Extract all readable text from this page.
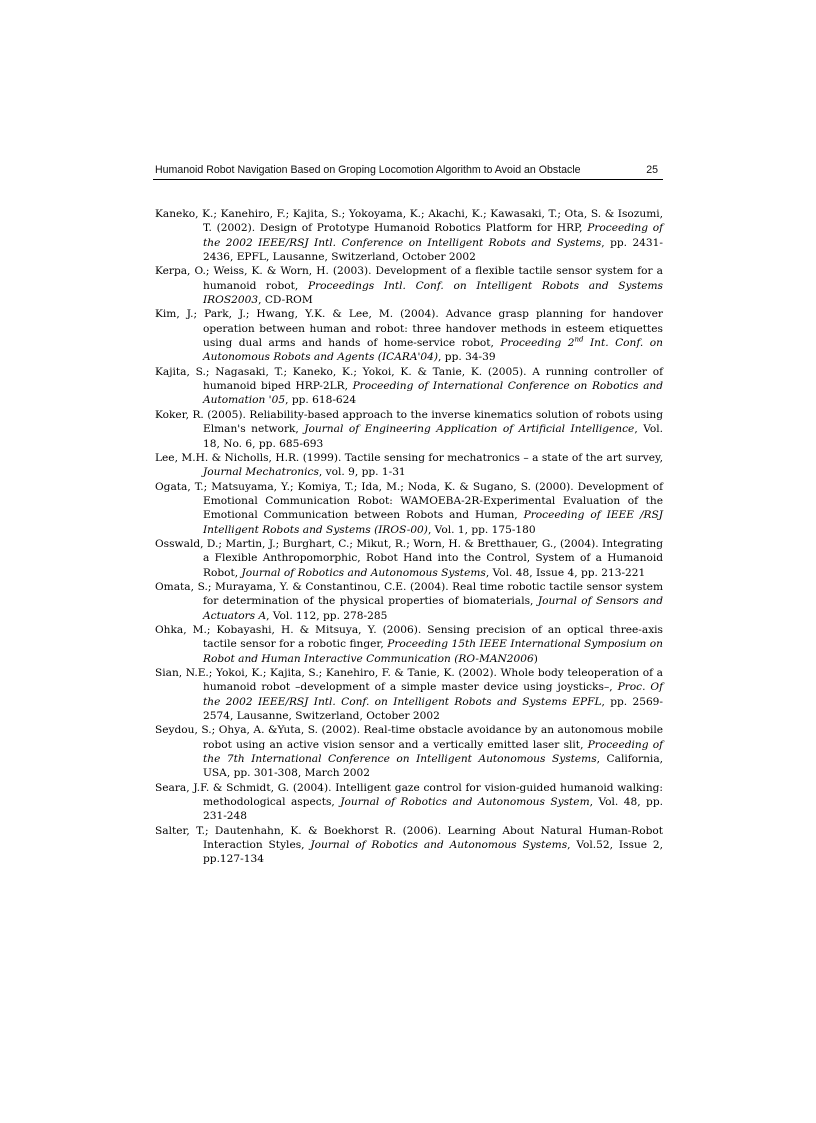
Humanoid Robot Navigation Based on Groping Locomotion Algorithm to Avoid an Obstacle	25
Kaneko, K.; Kanehiro, F.; Kajita, S.; Yokoyama, K.; Akachi, K.; Kawasaki, T.; Ota, S. & Isozumi, T. (2002). Design of Prototype Humanoid Robotics Platform for HRP, Proceeding of the 2002 IEEE/RSJ Intl. Conference on Intelligent Robots and Systems, pp. 2431-2436, EPFL, Lausanne, Switzerland, October 2002
Kerpa, O.; Weiss, K. & Worn, H. (2003). Development of a flexible tactile sensor system for a humanoid robot, Proceedings Intl. Conf. on Intelligent Robots and Systems IROS2003, CD-ROM
Kim, J.; Park, J.; Hwang, Y.K. & Lee, M. (2004). Advance grasp planning for handover operation between human and robot: three handover methods in esteem etiquettes using dual arms and hands of home-service robot, Proceeding 2nd Int. Conf. on Autonomous Robots and Agents (ICARA'04), pp. 34-39
Kajita, S.; Nagasaki, T.; Kaneko, K.; Yokoi, K. & Tanie, K. (2005). A running controller of humanoid biped HRP-2LR, Proceeding of International Conference on Robotics and Automation '05, pp. 618-624
Koker, R. (2005). Reliability-based approach to the inverse kinematics solution of robots using Elman's network, Journal of Engineering Application of Artificial Intelligence, Vol. 18, No. 6, pp. 685-693
Lee, M.H. & Nicholls, H.R. (1999). Tactile sensing for mechatronics – a state of the art survey, Journal Mechatronics, vol. 9, pp. 1-31
Ogata, T.; Matsuyama, Y.; Komiya, T.; Ida, M.; Noda, K. & Sugano, S. (2000). Development of Emotional Communication Robot: WAMOEBA-2R-Experimental Evaluation of the Emotional Communication between Robots and Human, Proceeding of IEEE /RSJ Intelligent Robots and Systems (IROS-00), Vol. 1, pp. 175-180
Osswald, D.; Martin, J.; Burghart, C.; Mikut, R.; Worn, H. & Bretthauer, G., (2004). Integrating a Flexible Anthropomorphic, Robot Hand into the Control, System of a Humanoid Robot, Journal of Robotics and Autonomous Systems, Vol. 48, Issue 4, pp. 213-221
Omata, S.; Murayama, Y. & Constantinou, C.E. (2004). Real time robotic tactile sensor system for determination of the physical properties of biomaterials, Journal of Sensors and Actuators A, Vol. 112, pp. 278-285
Ohka, M.; Kobayashi, H. & Mitsuya, Y. (2006). Sensing precision of an optical three-axis tactile sensor for a robotic finger, Proceeding 15th IEEE International Symposium on Robot and Human Interactive Communication (RO-MAN2006)
Sian, N.E.; Yokoi, K.; Kajita, S.; Kanehiro, F. & Tanie, K. (2002). Whole body teleoperation of a humanoid robot –development of a simple master device using joysticks–, Proc. Of the 2002 IEEE/RSJ Intl. Conf. on Intelligent Robots and Systems EPFL, pp. 2569-2574, Lausanne, Switzerland, October 2002
Seydou, S.; Ohya, A. &Yuta, S. (2002). Real-time obstacle avoidance by an autonomous mobile robot using an active vision sensor and a vertically emitted laser slit, Proceeding of the 7th International Conference on Intelligent Autonomous Systems, California, USA, pp. 301-308, March 2002
Seara, J.F. & Schmidt, G. (2004). Intelligent gaze control for vision-guided humanoid walking: methodological aspects, Journal of Robotics and Autonomous System, Vol. 48, pp. 231-248
Salter, T.; Dautenhahn, K. & Boekhorst R. (2006). Learning About Natural Human-Robot Interaction Styles, Journal of Robotics and Autonomous Systems, Vol.52, Issue 2, pp.127-134
